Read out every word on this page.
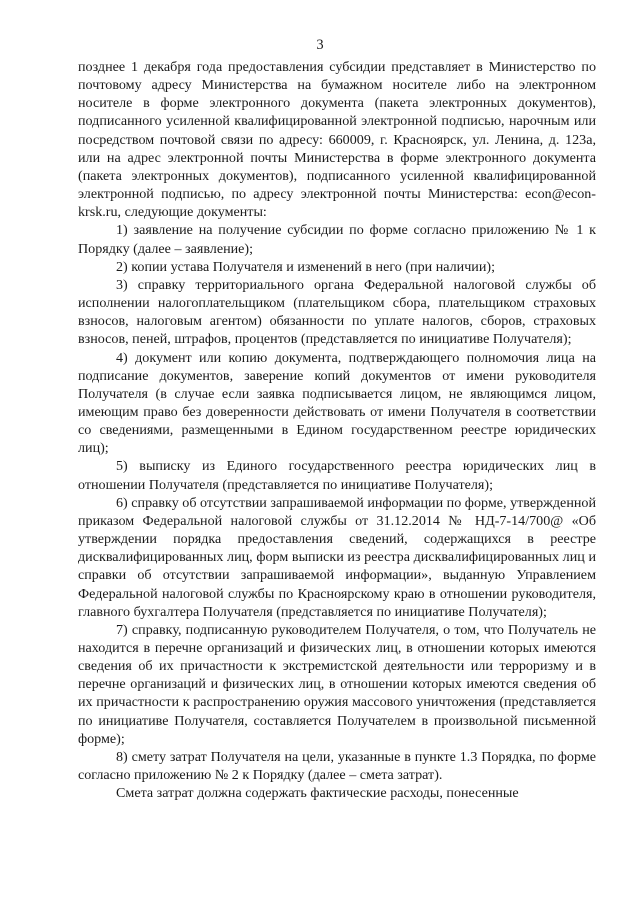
3

позднее 1 декабря года предоставления субсидии представляет в Министерство по почтовому адресу Министерства на бумажном носителе либо на электронном носителе в форме электронного документа (пакета электронных документов), подписанного усиленной квалифицированной электронной подписью, нарочным или посредством почтовой связи по адресу: 660009, г. Красноярск, ул. Ленина, д. 123а, или на адрес электронной почты Министерства в форме электронного документа (пакета электронных документов), подписанного усиленной квалифицированной электронной подписью, по адресу электронной почты Министерства: econ@econ-krsk.ru, следующие документы:

1) заявление на получение субсидии по форме согласно приложению № 1 к Порядку (далее – заявление);

2) копии устава Получателя и изменений в него (при наличии);

3) справку территориального органа Федеральной налоговой службы об исполнении налогоплательщиком (плательщиком сбора, плательщиком страховых взносов, налоговым агентом) обязанности по уплате налогов, сборов, страховых взносов, пеней, штрафов, процентов (представляется по инициативе Получателя);

4) документ или копию документа, подтверждающего полномочия лица на подписание документов, заверение копий документов от имени руководителя Получателя (в случае если заявка подписывается лицом, не являющимся лицом, имеющим право без доверенности действовать от имени Получателя в соответствии со сведениями, размещенными в Едином государственном реестре юридических лиц);

5) выписку из Единого государственного реестра юридических лиц в отношении Получателя (представляется по инициативе Получателя);

6) справку об отсутствии запрашиваемой информации по форме, утвержденной приказом Федеральной налоговой службы от 31.12.2014 № НД-7-14/700@ «Об утверждении порядка предоставления сведений, содержащихся в реестре дисквалифицированных лиц, форм выписки из реестра дисквалифицированных лиц и справки об отсутствии запрашиваемой информации», выданную Управлением Федеральной налоговой службы по Красноярскому краю в отношении руководителя, главного бухгалтера Получателя (представляется по инициативе Получателя);

7) справку, подписанную руководителем Получателя, о том, что Получатель не находится в перечне организаций и физических лиц, в отношении которых имеются сведения об их причастности к экстремистской деятельности или терроризму и в перечне организаций и физических лиц, в отношении которых имеются сведения об их причастности к распространению оружия массового уничтожения (представляется по инициативе Получателя, составляется Получателем в произвольной письменной форме);

8) смету затрат Получателя на цели, указанные в пункте 1.3 Порядка, по форме согласно приложению № 2 к Порядку (далее – смета затрат).

Смета затрат должна содержать фактические расходы, понесенные
